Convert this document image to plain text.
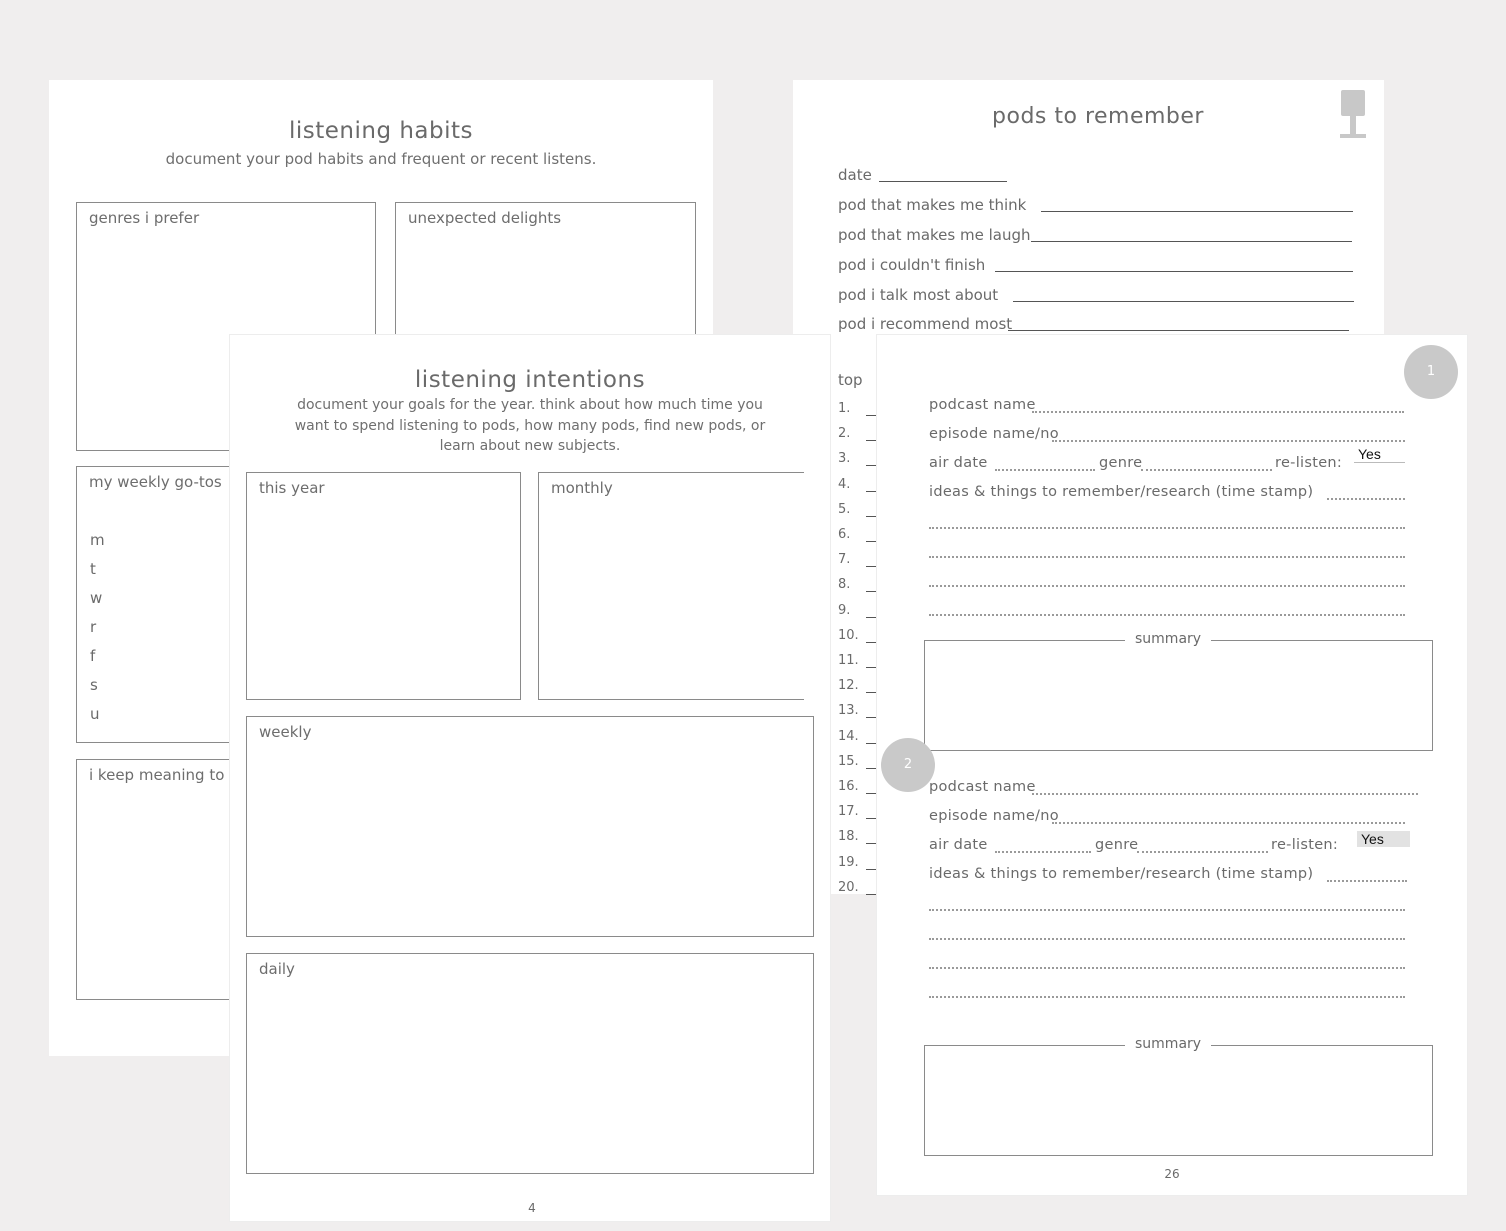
listening habits
document your pod habits and frequent or recent listens.
genres i prefer	unexpected delights
my weekly go-tos
m
t
w
r
f
s
u
i keep meaning to
pods to remember
date
pod that makes me think
pod that makes me laugh
pod i couldn't finish
pod i talk most about
pod i recommend most
top
1.
2.
3.
4.
5.
6.
7.
8.
9.
10.
11.
12.
13.
14.
15.
16.
17.
18.
19.
20.
listening intentions
document your goals for the year. think about how much time you
want to spend listening to pods, how many pods, find new pods, or
learn about new subjects.
this year	monthly
weekly
daily
4
1
podcast name
episode name/no
air date	genre	re-listen:
Yes
ideas & things to remember/research (time stamp)
summary
2
podcast name
episode name/no
air date	genre	re-listen: Yes
ideas & things to remember/research (time stamp)
summary
26
